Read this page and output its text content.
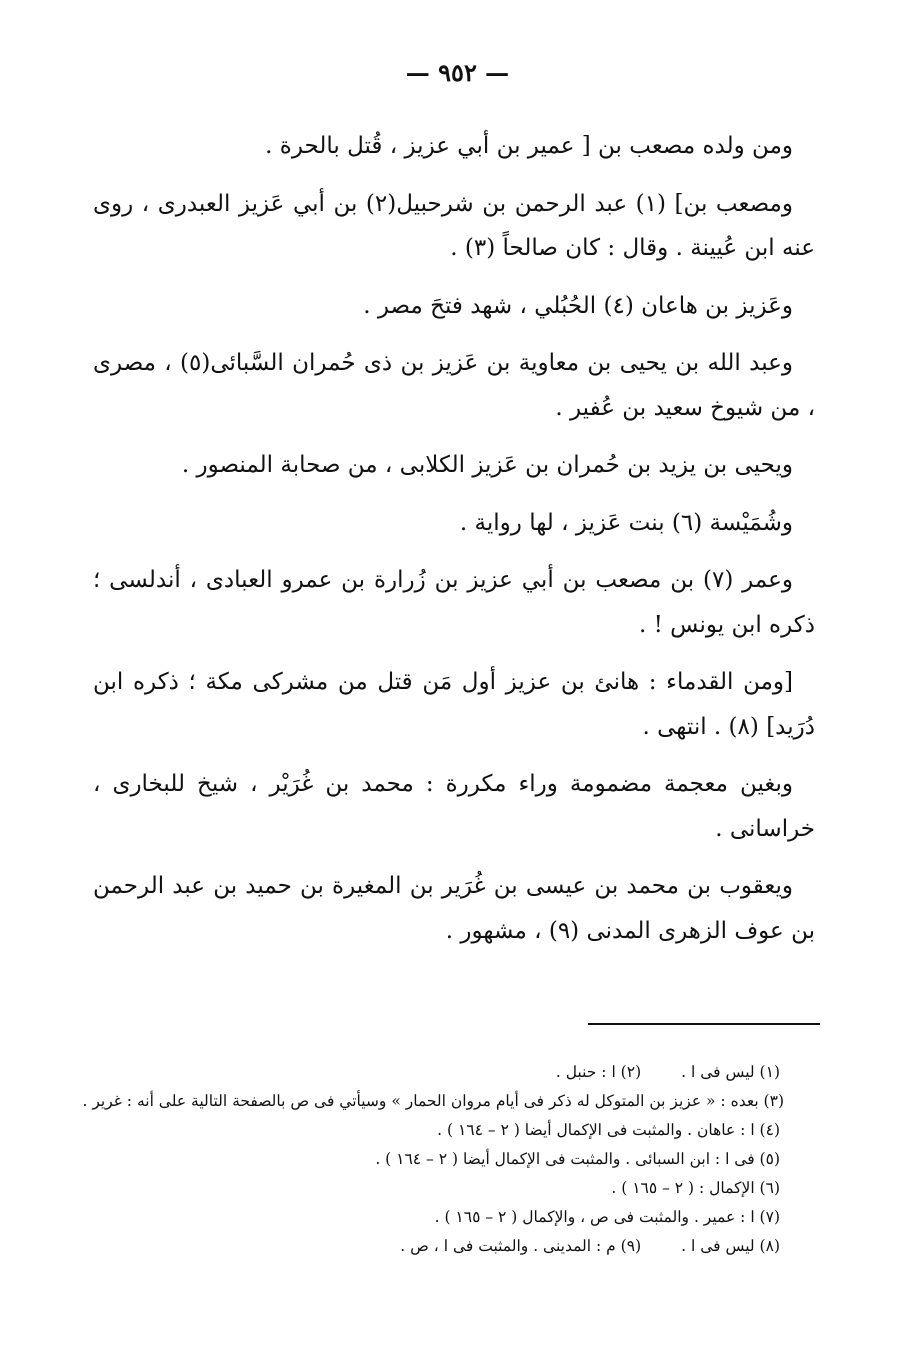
— ٩٥٢ —

ومن ولده مصعب بن [ عمير بن أبي عزيز ، قُتل بالحرة .

ومصعب بن] (١) عبد الرحمن بن شرحبيل(٢) بن أبي عَزيز العبدرى ، روى عنه ابن عُيينة . وقال : كان صالحاً (٣) .

وعَزيز بن هاعان (٤) الحُبُلي ، شهد فتحَ مصر .

وعبد الله بن يحيى بن معاوية بن عَزيز بن ذى حُمران السَّبائى(٥) ، مصرى ، من شيوخ سعيد بن عُفير .

ويحيى بن يزيد بن حُمران بن عَزيز الكلابى ، من صحابة المنصور .

وشُمَيْسة (٦) بنت عَزيز ، لها رواية .

وعمر (٧) بن مصعب بن أبي عزيز بن زُرارة بن عمرو العبادى ، أندلسى ؛ ذكره ابن يونس ! .

[ومن القدماء : هانئ بن عزيز أول مَن قتل من مشركى مكة ؛ ذكره ابن دُرَيد] (٨) . انتهى .

وبغين معجمة مضمومة وراء مكررة : محمد بن غُرَيْر ، شيخ للبخارى ، خراسانى .

ويعقوب بن محمد بن عيسى بن غُرَير بن المغيرة بن حميد بن عبد الرحمن بن عوف الزهرى المدنى (٩) ، مشهور .

(١) ليس فى ا .(٢) ا : حنبل .
(٣) بعده : « عزيز بن المتوكل له ذكر فى أيام مروان الحمار » وسيأتي فى ص بالصفحة التالية على أنه : غرير .
(٤) ا : عاهان . والمثبت فى الإكمال أيضا ( ٢ – ١٦٤ ) .
(٥) فى ا : ابن السبائى . والمثبت فى الإكمال أيضا ( ٢ – ١٦٤ ) .
(٦) الإكمال : ( ٢ – ١٦٥ ) .
(٧) ا : عمير . والمثبت فى ص ، والإكمال ( ٢ – ١٦٥ ) .
(٨) ليس فى ا .(٩) م : المدينى . والمثبت فى ا ، ص .
